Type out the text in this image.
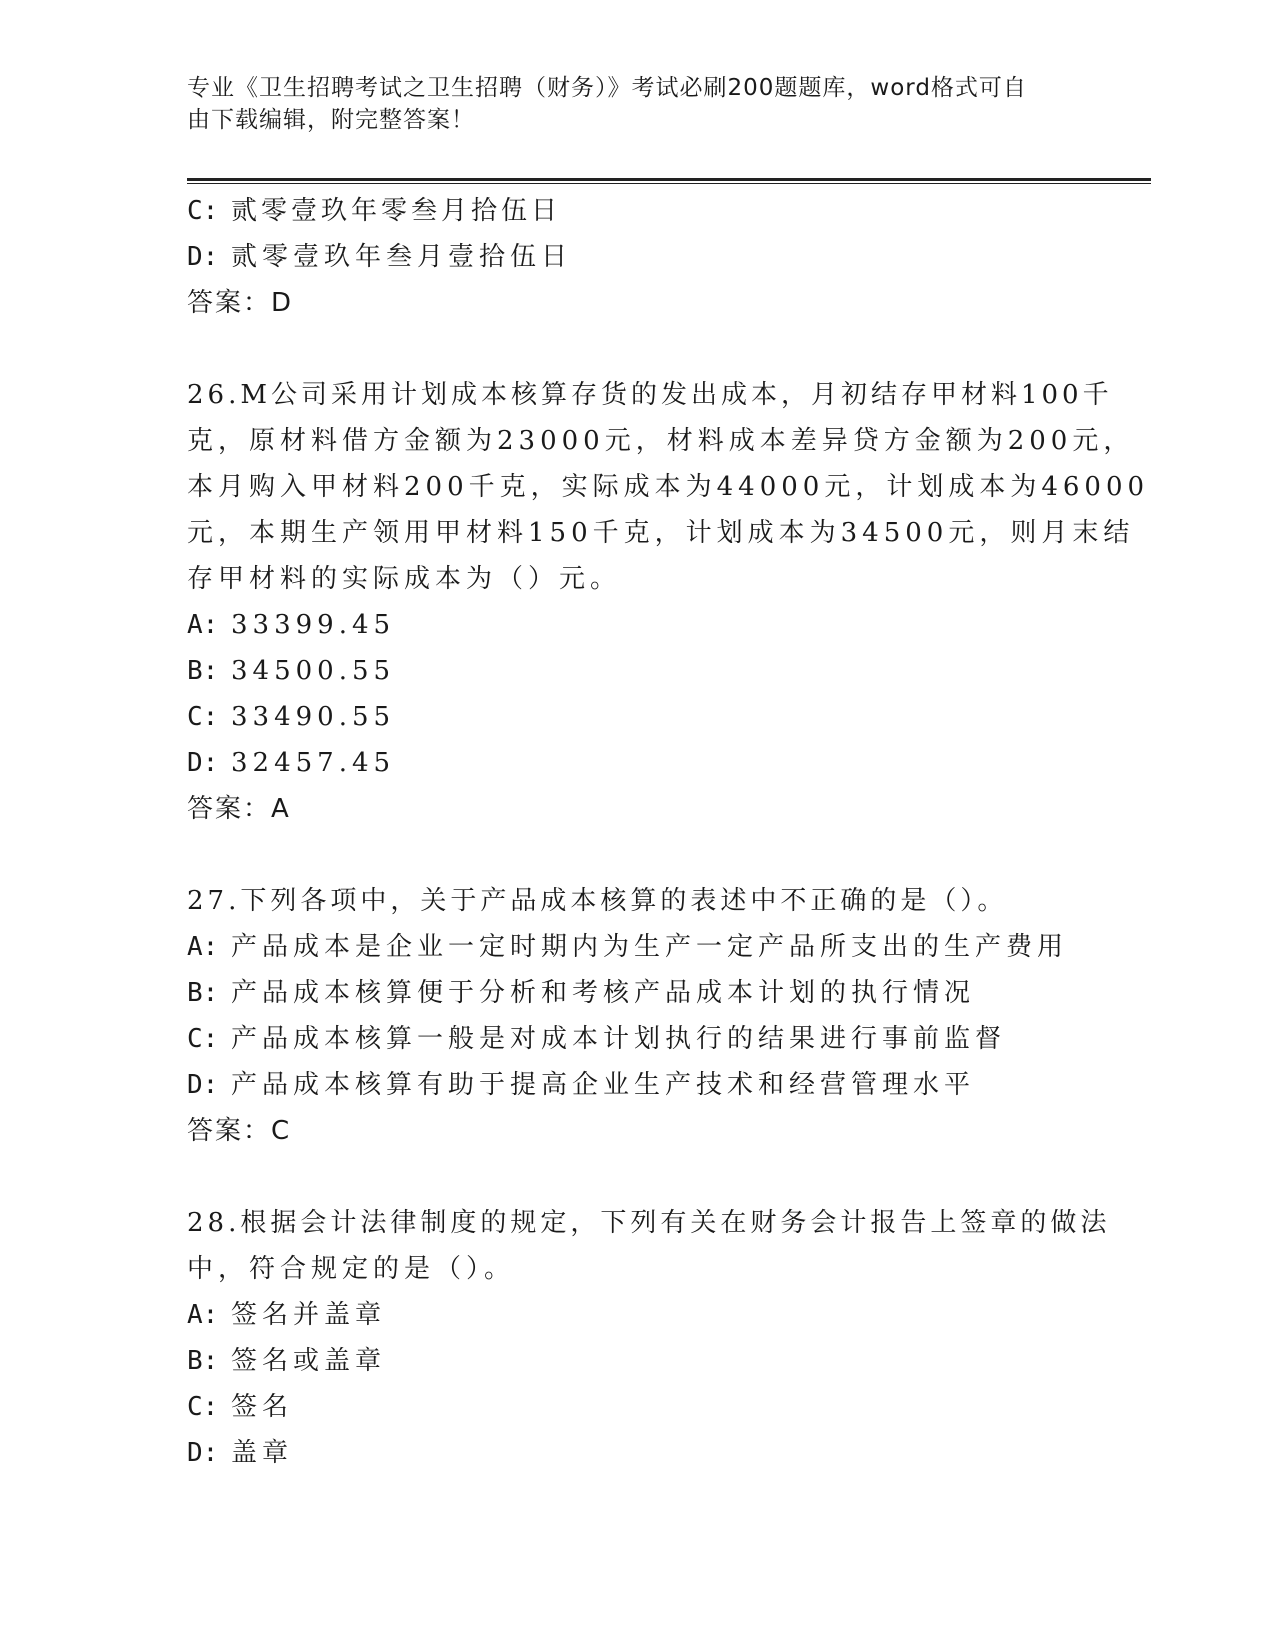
专业《卫生招聘考试之卫生招聘（财务）》考试必刷200题题库，word格式可自
由下载编辑，附完整答案！
C: 贰零壹玖年零叁月拾伍日
D: 贰零壹玖年叁月壹拾伍日
答案：D
26.M公司采用计划成本核算存货的发出成本，月初结存甲材料100千
克，原材料借方金额为23000元，材料成本差异贷方金额为200元，
本月购入甲材料200千克，实际成本为44000元，计划成本为46000
元，本期生产领用甲材料150千克，计划成本为34500元，则月末结
存甲材料的实际成本为（）元。
A: 33399.45
B: 34500.55
C: 33490.55
D: 32457.45
答案：A
27.下列各项中，关于产品成本核算的表述中不正确的是（）。
A: 产品成本是企业一定时期内为生产一定产品所支出的生产费用
B: 产品成本核算便于分析和考核产品成本计划的执行情况
C: 产品成本核算一般是对成本计划执行的结果进行事前监督
D: 产品成本核算有助于提高企业生产技术和经营管理水平
答案：C
28.根据会计法律制度的规定，下列有关在财务会计报告上签章的做法
中，符合规定的是（）。
A: 签名并盖章
B: 签名或盖章
C: 签名
D: 盖章
